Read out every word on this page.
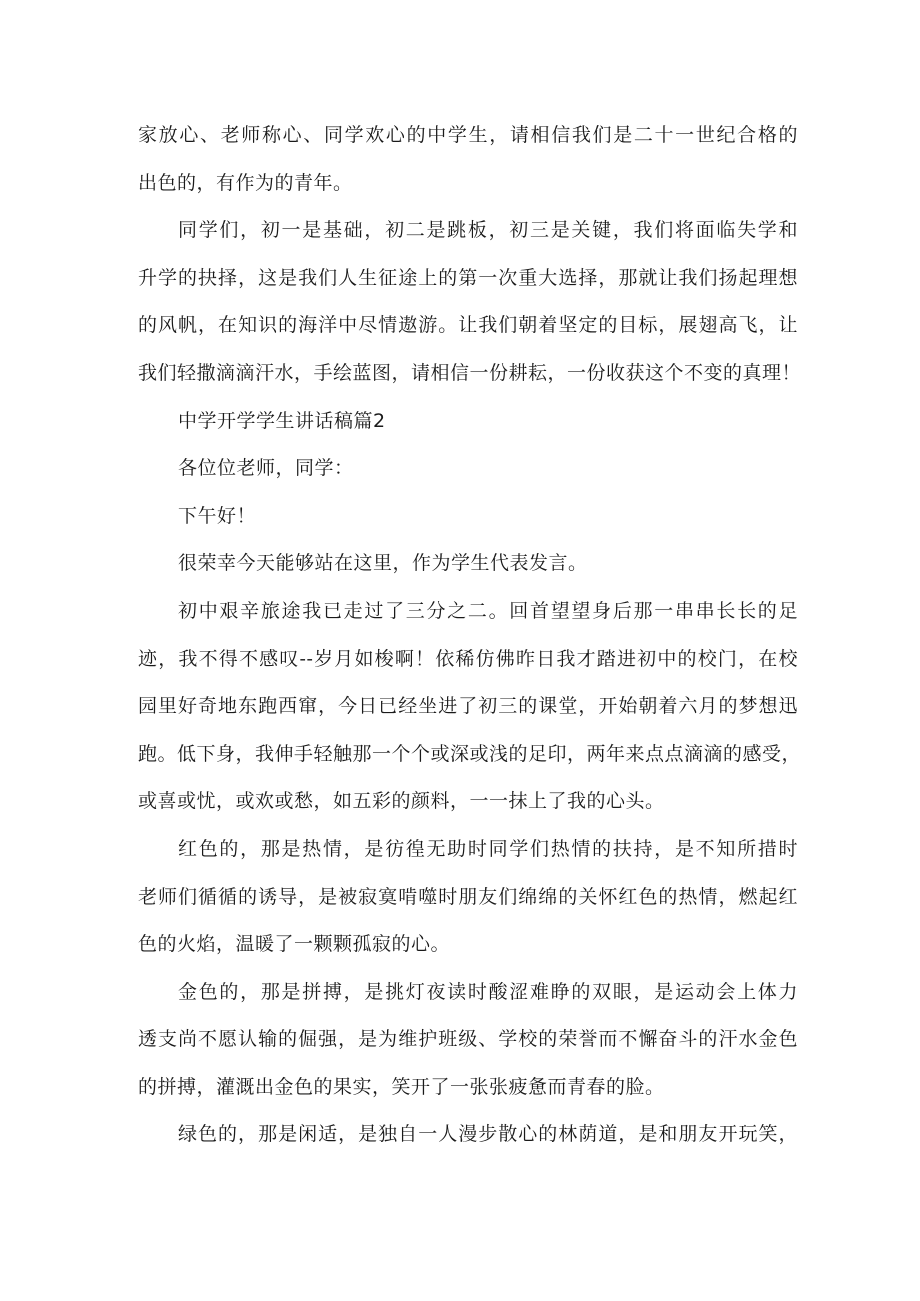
家放心、老师称心、同学欢心的中学生，请相信我们是二十一世纪合格的
出色的，有作为的青年。
同学们，初一是基础，初二是跳板，初三是关键，我们将面临失学和
升学的抉择，这是我们人生征途上的第一次重大选择，那就让我们扬起理想
的风帆，在知识的海洋中尽情遨游。让我们朝着坚定的目标，展翅高飞，让
我们轻撒滴滴汗水，手绘蓝图，请相信一份耕耘，一份收获这个不变的真理！
中学开学学生讲话稿篇2
各位位老师，同学：
下午好！
很荣幸今天能够站在这里，作为学生代表发言。
初中艰辛旅途我已走过了三分之二。回首望望身后那一串串长长的足
迹，我不得不感叹--岁月如梭啊！依稀仿佛昨日我才踏进初中的校门，在校
园里好奇地东跑西窜，今日已经坐进了初三的课堂，开始朝着六月的梦想迅
跑。低下身，我伸手轻触那一个个或深或浅的足印，两年来点点滴滴的感受，
或喜或忧，或欢或愁，如五彩的颜料，一一抹上了我的心头。
红色的，那是热情，是彷徨无助时同学们热情的扶持，是不知所措时
老师们循循的诱导，是被寂寞啃噬时朋友们绵绵的关怀红色的热情，燃起红
色的火焰，温暖了一颗颗孤寂的心。
金色的，那是拼搏，是挑灯夜读时酸涩难睁的双眼，是运动会上体力
透支尚不愿认输的倔强，是为维护班级、学校的荣誉而不懈奋斗的汗水金色
的拼搏，灌溉出金色的果实，笑开了一张张疲惫而青春的脸。
绿色的，那是闲适，是独自一人漫步散心的林荫道，是和朋友开玩笑，
